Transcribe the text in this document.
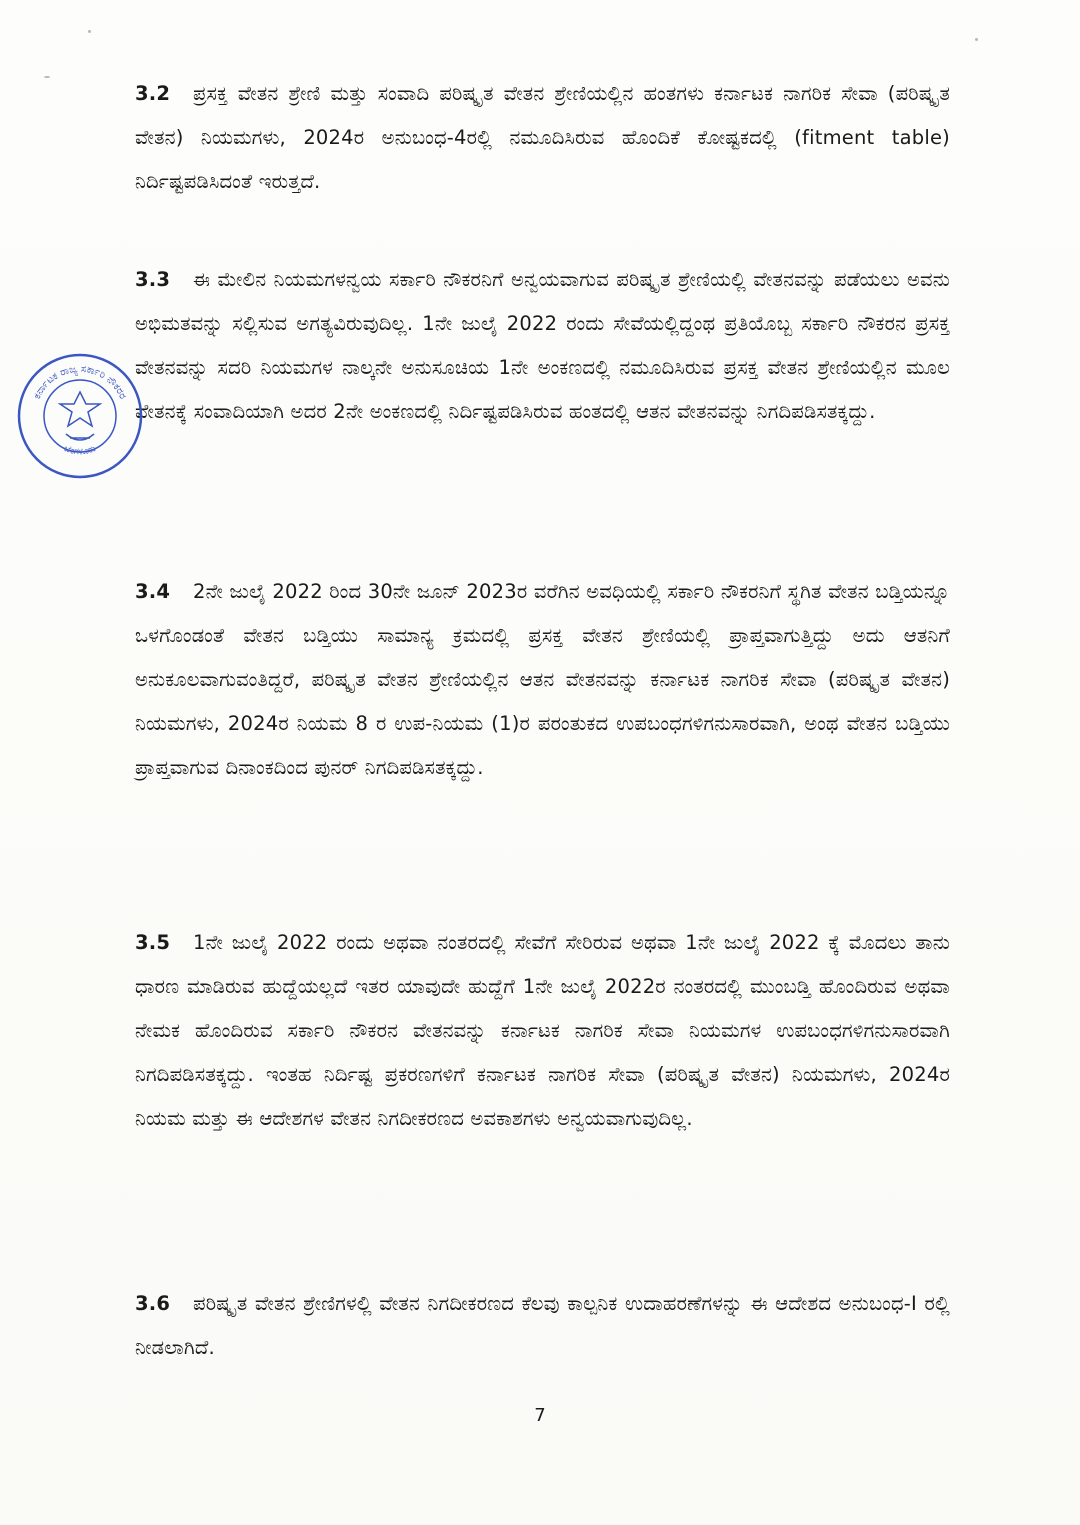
3.2 ಪ್ರಸಕ್ತ ವೇತನ ಶ್ರೇಣಿ ಮತ್ತು ಸಂವಾದಿ ಪರಿಷ್ಕೃತ ವೇತನ ಶ್ರೇಣಿಯಲ್ಲಿನ ಹಂತಗಳು ಕರ್ನಾಟಕ ನಾಗರಿಕ ಸೇವಾ (ಪರಿಷ್ಕೃತ ವೇತನ) ನಿಯಮಗಳು, 2024ರ ಅನುಬಂಧ-4ರಲ್ಲಿ ನಮೂದಿಸಿರುವ ಹೊಂದಿಕೆ ಕೋಷ್ಟಕದಲ್ಲಿ (fitment table) ನಿರ್ದಿಷ್ಟಪಡಿಸಿದಂತೆ ಇರುತ್ತದೆ.
3.3 ಈ ಮೇಲಿನ ನಿಯಮಗಳನ್ವಯ ಸರ್ಕಾರಿ ನೌಕರನಿಗೆ ಅನ್ವಯವಾಗುವ ಪರಿಷ್ಕೃತ ಶ್ರೇಣಿಯಲ್ಲಿ ವೇತನವನ್ನು ಪಡೆಯಲು ಅವನು ಅಭಿಮತವನ್ನು ಸಲ್ಲಿಸುವ ಅಗತ್ಯವಿರುವುದಿಲ್ಲ. 1ನೇ ಜುಲೈ 2022 ರಂದು ಸೇವೆಯಲ್ಲಿದ್ದಂಥ ಪ್ರತಿಯೊಬ್ಬ ಸರ್ಕಾರಿ ನೌಕರನ ಪ್ರಸಕ್ತ ವೇತನವನ್ನು ಸದರಿ ನಿಯಮಗಳ ನಾಲ್ಕನೇ ಅನುಸೂಚಿಯ 1ನೇ ಅಂಕಣದಲ್ಲಿ ನಮೂದಿಸಿರುವ ಪ್ರಸಕ್ತ ವೇತನ ಶ್ರೇಣಿಯಲ್ಲಿನ ಮೂಲ ವೇತನಕ್ಕೆ ಸಂವಾದಿಯಾಗಿ ಅದರ 2ನೇ ಅಂಕಣದಲ್ಲಿ ನಿರ್ದಿಷ್ಟಪಡಿಸಿರುವ ಹಂತದಲ್ಲಿ ಆತನ ವೇತನವನ್ನು ನಿಗದಿಪಡಿಸತಕ್ಕದ್ದು.
3.4 2ನೇ ಜುಲೈ 2022 ರಿಂದ 30ನೇ ಜೂನ್ 2023ರ ವರೆಗಿನ ಅವಧಿಯಲ್ಲಿ ಸರ್ಕಾರಿ ನೌಕರನಿಗೆ ಸ್ಥಗಿತ ವೇತನ ಬಡ್ತಿಯನ್ನೂ ಒಳಗೊಂಡಂತೆ ವೇತನ ಬಡ್ತಿಯು ಸಾಮಾನ್ಯ ಕ್ರಮದಲ್ಲಿ ಪ್ರಸಕ್ತ ವೇತನ ಶ್ರೇಣಿಯಲ್ಲಿ ಪ್ರಾಪ್ತವಾಗುತ್ತಿದ್ದು ಅದು ಆತನಿಗೆ ಅನುಕೂಲವಾಗುವಂತಿದ್ದರೆ, ಪರಿಷ್ಕೃತ ವೇತನ ಶ್ರೇಣಿಯಲ್ಲಿನ ಆತನ ವೇತನವನ್ನು ಕರ್ನಾಟಕ ನಾಗರಿಕ ಸೇವಾ (ಪರಿಷ್ಕೃತ ವೇತನ) ನಿಯಮಗಳು, 2024ರ ನಿಯಮ 8 ರ ಉಪ-ನಿಯಮ (1)ರ ಪರಂತುಕದ ಉಪಬಂಧಗಳಿಗನುಸಾರವಾಗಿ, ಅಂಥ ವೇತನ ಬಡ್ತಿಯು ಪ್ರಾಪ್ತವಾಗುವ ದಿನಾಂಕದಿಂದ ಪುನರ್ ನಿಗದಿಪಡಿಸತಕ್ಕದ್ದು.
3.5 1ನೇ ಜುಲೈ 2022 ರಂದು ಅಥವಾ ನಂತರದಲ್ಲಿ ಸೇವೆಗೆ ಸೇರಿರುವ ಅಥವಾ 1ನೇ ಜುಲೈ 2022 ಕ್ಕೆ ಮೊದಲು ತಾನು ಧಾರಣ ಮಾಡಿರುವ ಹುದ್ದೆಯಲ್ಲದೆ ಇತರ ಯಾವುದೇ ಹುದ್ದೆಗೆ 1ನೇ ಜುಲೈ 2022ರ ನಂತರದಲ್ಲಿ ಮುಂಬಡ್ತಿ ಹೊಂದಿರುವ ಅಥವಾ ನೇಮಕ ಹೊಂದಿರುವ ಸರ್ಕಾರಿ ನೌಕರನ ವೇತನವನ್ನು ಕರ್ನಾಟಕ ನಾಗರಿಕ ಸೇವಾ ನಿಯಮಗಳ ಉಪಬಂಧಗಳಿಗನುಸಾರವಾಗಿ ನಿಗದಿಪಡಿಸತಕ್ಕದ್ದು. ಇಂತಹ ನಿರ್ದಿಷ್ಟ ಪ್ರಕರಣಗಳಿಗೆ ಕರ್ನಾಟಕ ನಾಗರಿಕ ಸೇವಾ (ಪರಿಷ್ಕೃತ ವೇತನ) ನಿಯಮಗಳು, 2024ರ ನಿಯಮ ಮತ್ತು ಈ ಆದೇಶಗಳ ವೇತನ ನಿಗದೀಕರಣದ ಅವಕಾಶಗಳು ಅನ್ವಯವಾಗುವುದಿಲ್ಲ.
3.6 ಪರಿಷ್ಕೃತ ವೇತನ ಶ್ರೇಣಿಗಳಲ್ಲಿ ವೇತನ ನಿಗದೀಕರಣದ ಕೆಲವು ಕಾಲ್ಪನಿಕ ಉದಾಹರಣೆಗಳನ್ನು ಈ ಆದೇಶದ ಅನುಬಂಧ-I ರಲ್ಲಿ ನೀಡಲಾಗಿದೆ.
ಕರ್ನಾಟಕ ರಾಜ್ಯ ಸರ್ಕಾರಿ ನೌಕರರ
ಬೆಂಗಳೂರು
7
